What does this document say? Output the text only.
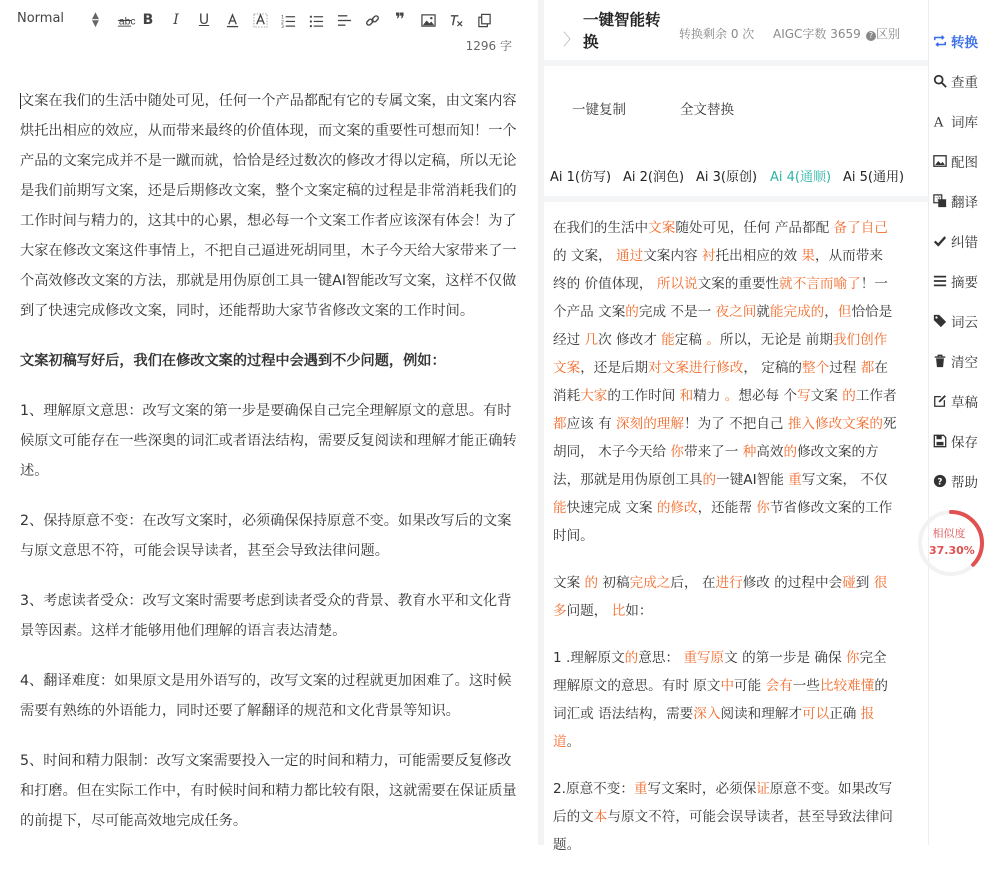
Normal	▲
▼ abc B I U	1
2
3	❞
1296 字

文案在我们的生活中随处可见，任何一个产品都配有它的专属文案，由文案内容烘托出相应的效应，从而带来最终的价值体现，而文案的重要性可想而知！一个产品的文案完成并不是一蹴而就，恰恰是经过数次的修改才得以定稿，所以无论是我们前期写文案，还是后期修改文案，整个文案定稿的过程是非常消耗我们的工作时间与精力的，这其中的心累，想必每一个文案工作者应该深有体会！为了大家在修改文案这件事情上，不把自己逼进死胡同里，木子今天给大家带来了一个高效修改文案的方法，那就是用伪原创工具一键AI智能改写文案，这样不仅做到了快速完成修改文案，同时，还能帮助大家节省修改文案的工作时间。

文案初稿写好后，我们在修改文案的过程中会遇到不少问题，例如：

1、理解原文意思：改写文案的第一步是要确保自己完全理解原文的意思。有时候原文可能存在一些深奥的词汇或者语法结构，需要反复阅读和理解才能正确转述。

2、保持原意不变：在改写文案时，必须确保保持原意不变。如果改写后的文案与原文意思不符，可能会误导读者，甚至会导致法律问题。

3、考虑读者受众：改写文案时需要考虑到读者受众的背景、教育水平和文化背景等因素。这样才能够用他们理解的语言表达清楚。

4、翻译难度：如果原文是用外语写的，改写文案的过程就更加困难了。这时候需要有熟练的外语能力，同时还要了解翻译的规范和文化背景等知识。

5、时间和精力限制：改写文案需要投入一定的时间和精力，可能需要反复修改和打磨。但在实际工作中，有时候时间和精力都比较有限，这就需要在保证质量的前提下，尽可能高效地完成任务。

〉
一键智能转换	转换剩余 0 次 AIGC字数 3659	? 区别
一键复制	全文替换
Ai 1(仿写) Ai 2(润色) Ai 3(原创) Ai 4(通顺) Ai 5(通用)

在我们的生活中文案随处可见，任何 产品都配 备了自己的 文案， 通过文案内容 衬托出相应的效 果，从而带来 终的 价值体现， 所以说文案的重要性就不言而喻了！一个产品 文案的完成 不是一 夜之间就能完成的，但恰恰是经过 几次 修改才 能定稿 。所以，无论是 前期我们创作文案，还是后期对文案进行修改， 定稿的整个过程 都在消耗大家的工作时间 和精力 。想必每 个写文案 的工作者 都应该 有 深刻的理解！为了 不把自己 推入修改文案的死胡同， 木子今天给 你带来了一 种高效的修改文案的方法，那就是用伪原创工具的一键AI智能 重写文案， 不仅 能快速完成 文案 的修改，还能帮 你节省修改文案的工作时间。

文案 的 初稿完成之后， 在进行修改 的过程中会碰到 很多问题， 比如：

1 .理解原文的意思： 重写原文 的第一步是 确保 你完全理解原文的意思。有时 原文中可能 会有一些比较难懂的词汇或 语法结构，需要深入阅读和理解才可以正确 报道。

2.原意不变：重写文案时，必须保证原意不变。如果改写后的文本与原文不符，可能会误导读者，甚至导致法律问题。

转换
查重
A 词库
配图
文 翻译
纠错
摘要
词云
清空
草稿
保存
? 帮助
相似度
37.30%
